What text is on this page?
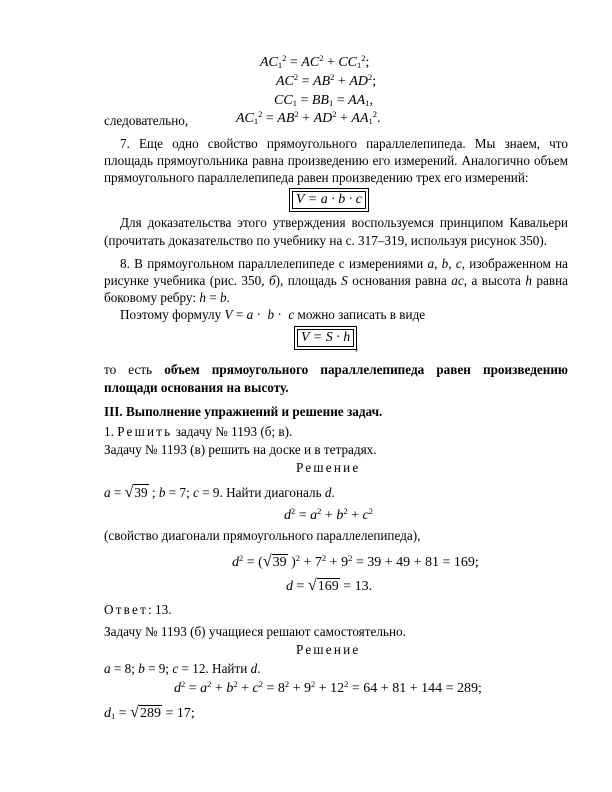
$AC_1^2 = AC^2 + CC_1^2$;
$AC^2 = AB^2 + AD^2$;
$CC_1 = BB_1 = AA_1$,
следовательно,	$AC_1^2 = AB^2 + AD^2 + AA_1^2$.
7. Еще одно свойство прямоугольного параллелепипеда. Мы знаем, что
площадь прямоугольника равна произведению его измерений. Аналогично объем
прямоугольного параллелепипеда равен произведению трех его измерений:
V = a · b · c
Для доказательства этого утверждения воспользуемся принципом Кавальери
(прочитать доказательство по учебнику на с. 317–319, используя рисунок 350).
8. В прямоугольном параллелепипеде с измерениями a, b, c, изображенном на
рисунке учебника (рис. 350, б), площадь S основания равна ac, а высота h равна
боковому ребру: h = b.
Поэтому формулу V = a ·  b ·  c можно записать в виде
V = S · h
,
то есть объем прямоугольного параллелепипеда равен произведению
площади основания на высоту.
III. Выполнение упражнений и решение задач.
1. Решить задачу № 1193 (б; в).
Задачу № 1193 (в) решить на доске и в тетрадях.
Решение
a = √39 ; b = 7; c = 9. Найти диагональ d.
$d^2 = a^2 + b^2 + c^2$
(свойство диагонали прямоугольного параллелепипеда),
$d^2 = (√39$ )$^2 + 7^2 + 9^2 = 39 + 49 + 81 = 169$;
d = √169 = 13.
Ответ: 13.
Задачу № 1193 (б) учащиеся решают самостоятельно.
Решение
a = 8; b = 9; c = 12. Найти d.
$d^2 = a^2 + b^2 + c^2 = 8^2 + 9^2 + 12^2 = 64 + 81 + 144 = 289$;
$d_1 = √289 = 17$;
